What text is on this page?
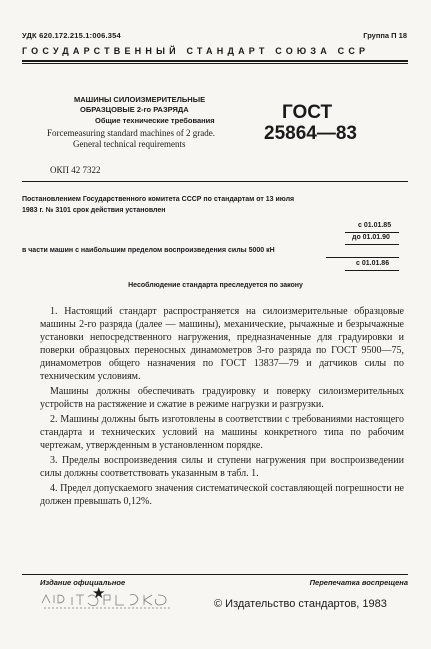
УДК 620.172.215.1:006.354	Группа П 18
ГОСУДАРСТВЕННЫЙ СТАНДАРТ СОЮЗА ССР
МАШИНЫ СИЛОИЗМЕРИТЕЛЬНЫЕ
ОБРАЗЦОВЫЕ 2-го РАЗРЯДА
Общие технические требования
Forcemeasuring standard machines of 2 grade.
General technical requirements
ГОСТ
25864—83
ОКП 42 7322
Постановлением Государственного комитета СССР по стандартам от 13 июля
1983 г. № 3101 срок действия установлен
с 01.01.85
до 01.01.90
в части машин с наибольшим пределом воспроизведения силы 5000 кН
с 01.01.86
Несоблюдение стандарта преследуется по закону

1. Настоящий стандарт распространяется на силоизмерительные образцовые машины 2-го разряда (далее — машины), механические, рычажные и безрычажные установки непосредственного нагружения, предназначенные для градуировки и поверки образцовых переносных динамометров 3-го разряда по ГОСТ 9500—75, динамометров общего назначения по ГОСТ 13837—79 и датчиков силы по техническим условиям.

Машины должны обеспечивать градуировку и поверку силоизмерительных устройств на растяжение и сжатие в режиме нагрузки и разгрузки.

2. Машины должны быть изготовлены в соответствии с требованиями настоящего стандарта и технических условий на машины конкретного типа по рабочим чертежам, утвержденным в установленном порядке.

3. Пределы воспроизведения силы и ступени нагружения при воспроизведении силы должны соответствовать указанным в табл. 1.

4. Предел допускаемого значения систематической составляющей погрешности не должен превышать 0,12%.

Издание официальное	Перепечатка воспрещена
★
© Издательство стандартов, 1983
